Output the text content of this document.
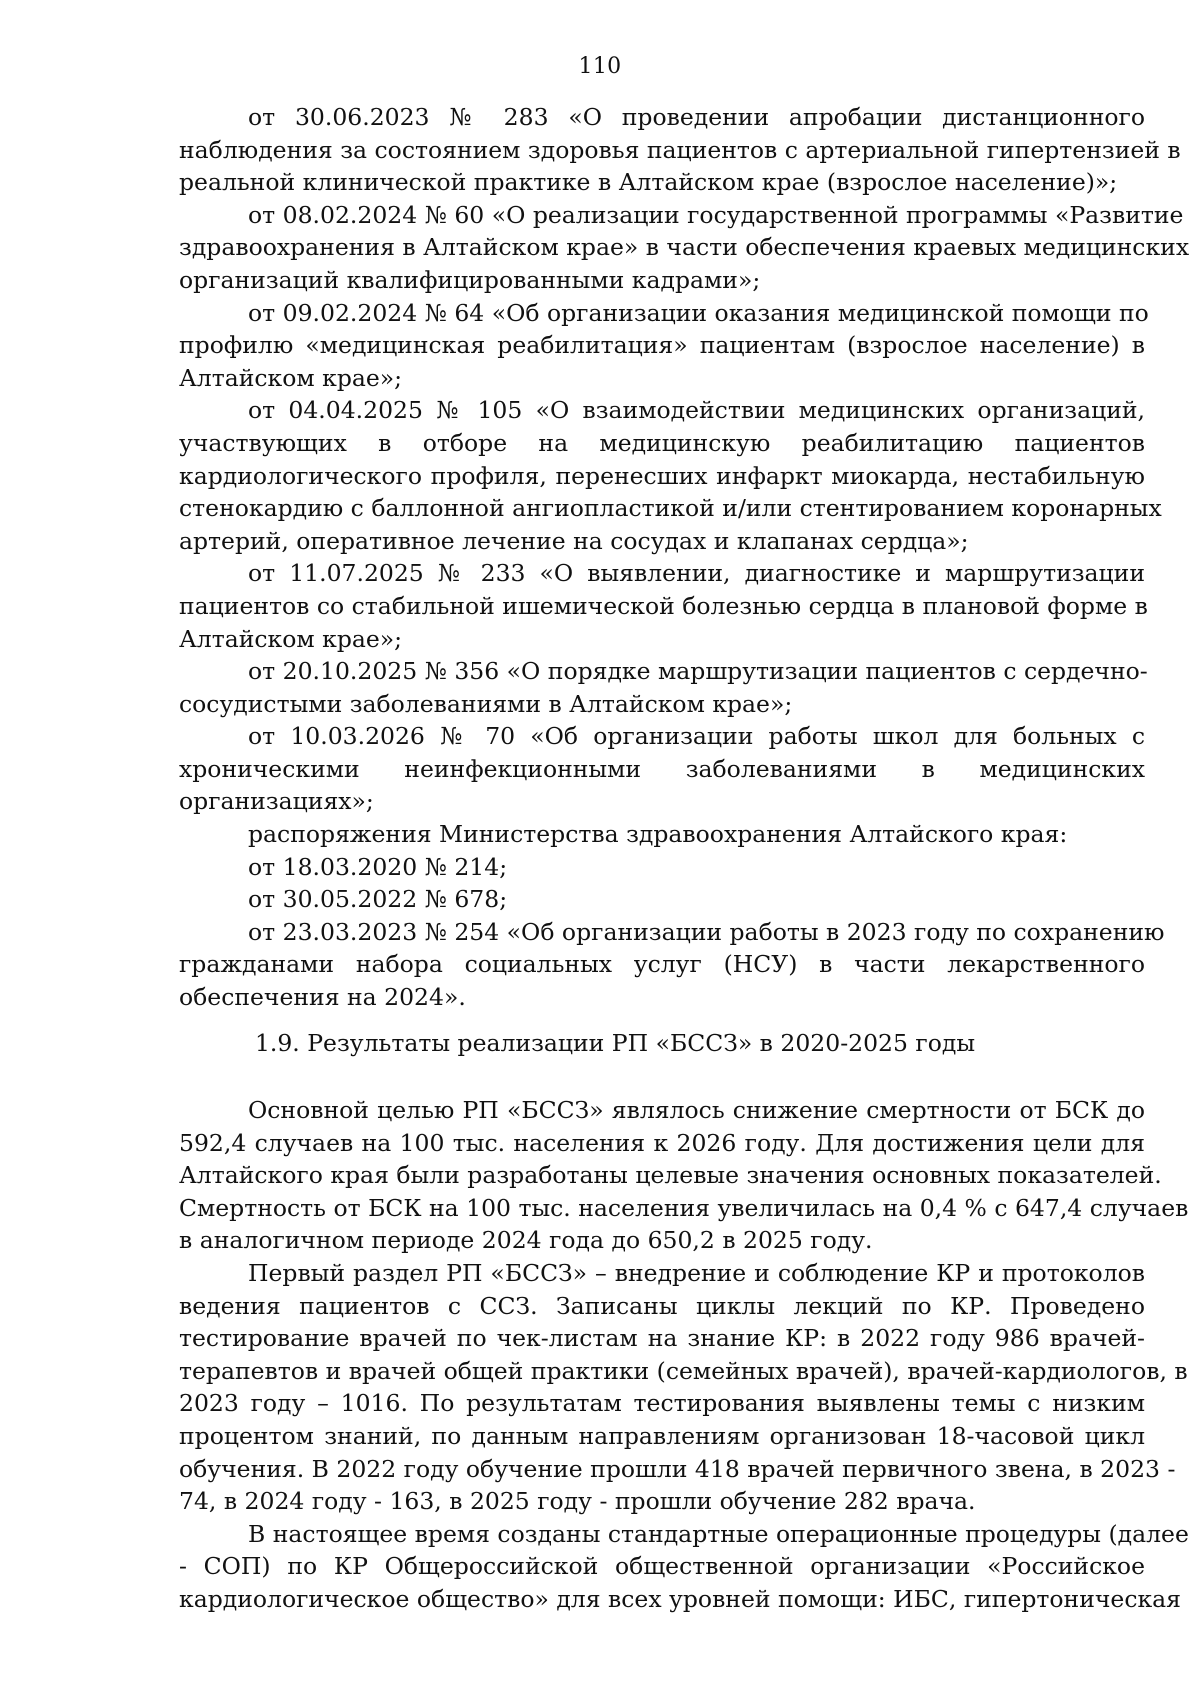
110
от 30.06.2023 № 283 «О проведении апробации дистанционного
наблюдения за состоянием здоровья пациентов с артериальной гипертензией в
реальной клинической практике в Алтайском крае (взрослое население)»;
от 08.02.2024 № 60 «О реализации государственной программы «Развитие
здравоохранения в Алтайском крае» в части обеспечения краевых медицинских
организаций квалифицированными кадрами»;
от 09.02.2024 № 64 «Об организации оказания медицинской помощи по
профилю «медицинская реабилитация» пациентам (взрослое население) в
Алтайском крае»;
от 04.04.2025 № 105 «О взаимодействии медицинских организаций,
участвующих в отборе на медицинскую реабилитацию пациентов
кардиологического профиля, перенесших инфаркт миокарда, нестабильную
стенокардию с баллонной ангиопластикой и/или стентированием коронарных
артерий, оперативное лечение на сосудах и клапанах сердца»;
от 11.07.2025 № 233 «О выявлении, диагностике и маршрутизации
пациентов со стабильной ишемической болезнью сердца в плановой форме в
Алтайском крае»;
от 20.10.2025 № 356 «О порядке маршрутизации пациентов с сердечно-
сосудистыми заболеваниями в Алтайском крае»;
от 10.03.2026 № 70 «Об организации работы школ для больных с
хроническими неинфекционными заболеваниями в медицинских
организациях»;
распоряжения Министерства здравоохранения Алтайского края:
от 18.03.2020 № 214;
от 30.05.2022 № 678;
от 23.03.2023 № 254 «Об организации работы в 2023 году по сохранению
гражданами набора социальных услуг (НСУ) в части лекарственного
обеспечения на 2024».
1.9. Результаты реализации РП «БССЗ» в 2020-2025 годы
Основной целью РП «БССЗ» являлось снижение смертности от БСК до
592,4 случаев на 100 тыс. населения к 2026 году. Для достижения цели для
Алтайского края были разработаны целевые значения основных показателей.
Смертность от БСК на 100 тыс. населения увеличилась на 0,4 % с 647,4 случаев
в аналогичном периоде 2024 года до 650,2 в 2025 году.
Первый раздел РП «БССЗ» – внедрение и соблюдение КР и протоколов
ведения пациентов с ССЗ. Записаны циклы лекций по КР. Проведено
тестирование врачей по чек-листам на знание КР: в 2022 году 986 врачей-
терапевтов и врачей общей практики (семейных врачей), врачей-кардиологов, в
2023 году – 1016. По результатам тестирования выявлены темы с низким
процентом знаний, по данным направлениям организован 18-часовой цикл
обучения. В 2022 году обучение прошли 418 врачей первичного звена, в 2023 -
74, в 2024 году - 163, в 2025 году - прошли обучение 282 врача.
В настоящее время созданы стандартные операционные процедуры (далее
- СОП) по КР Общероссийской общественной организации «Российское
кардиологическое общество» для всех уровней помощи: ИБС, гипертоническая
